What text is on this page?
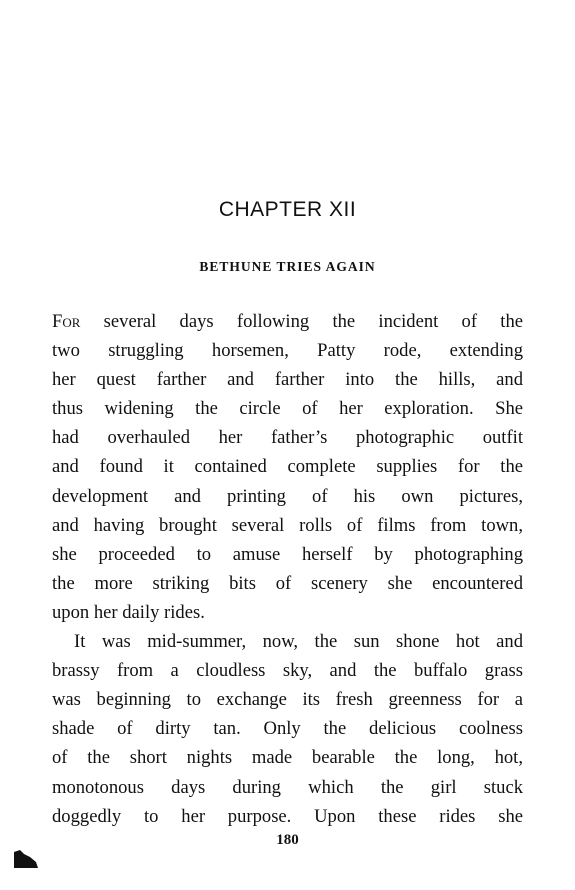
CHAPTER XII
BETHUNE TRIES AGAIN
For several days following the incident of the
two struggling horsemen, Patty rode, extending
her quest farther and farther into the hills, and
thus widening the circle of her exploration. She
had overhauled her father’s photographic outfit
and found it contained complete supplies for the
development and printing of his own pictures,
and having brought several rolls of films from town,
she proceeded to amuse herself by photographing
the more striking bits of scenery she encountered
upon her daily rides.
It was mid-summer, now, the sun shone hot and
brassy from a cloudless sky, and the buffalo grass
was beginning to exchange its fresh greenness for a
shade of dirty tan. Only the delicious coolness
of the short nights made bearable the long, hot,
monotonous days during which the girl stuck
doggedly to her purpose. Upon these rides she

180
